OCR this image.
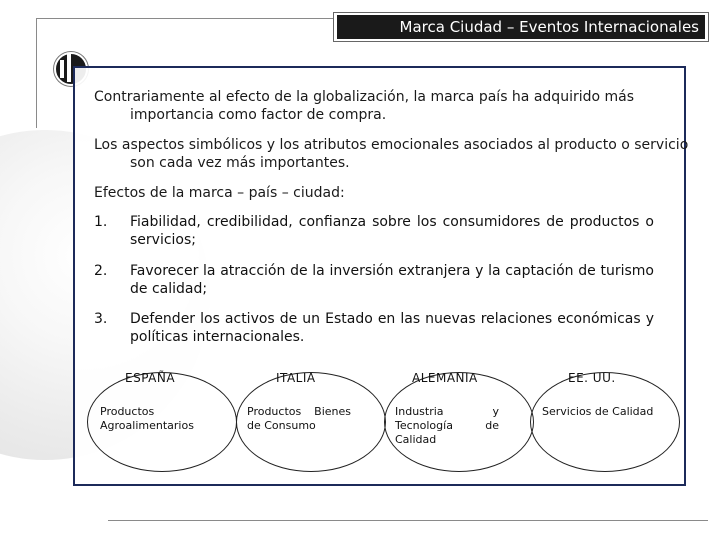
Marca Ciudad – Eventos Internacionales
Contrariamente al efecto de la globalización, la marca país ha adquirido más importancia como factor de compra.
Los aspectos simbólicos y los atributos emocionales asociados al producto o servicio son cada vez más importantes.
Efectos de la marca – país – ciudad:
1. Fiabilidad, credibilidad, confianza sobre los consumidores de productos o servicios;
2. Favorecer la atracción de la inversión extranjera y la captación de turismo de calidad;
3. Defender los activos de un Estado en las nuevas relaciones económicas y políticas internacionales.
ESPAÑA
Productos Agroalimentarios
ITALIA
Productos Bienes de Consumo
ALEMANIA
Industria y Tecnología de Calidad
EE. UU.
Servicios de Calidad
